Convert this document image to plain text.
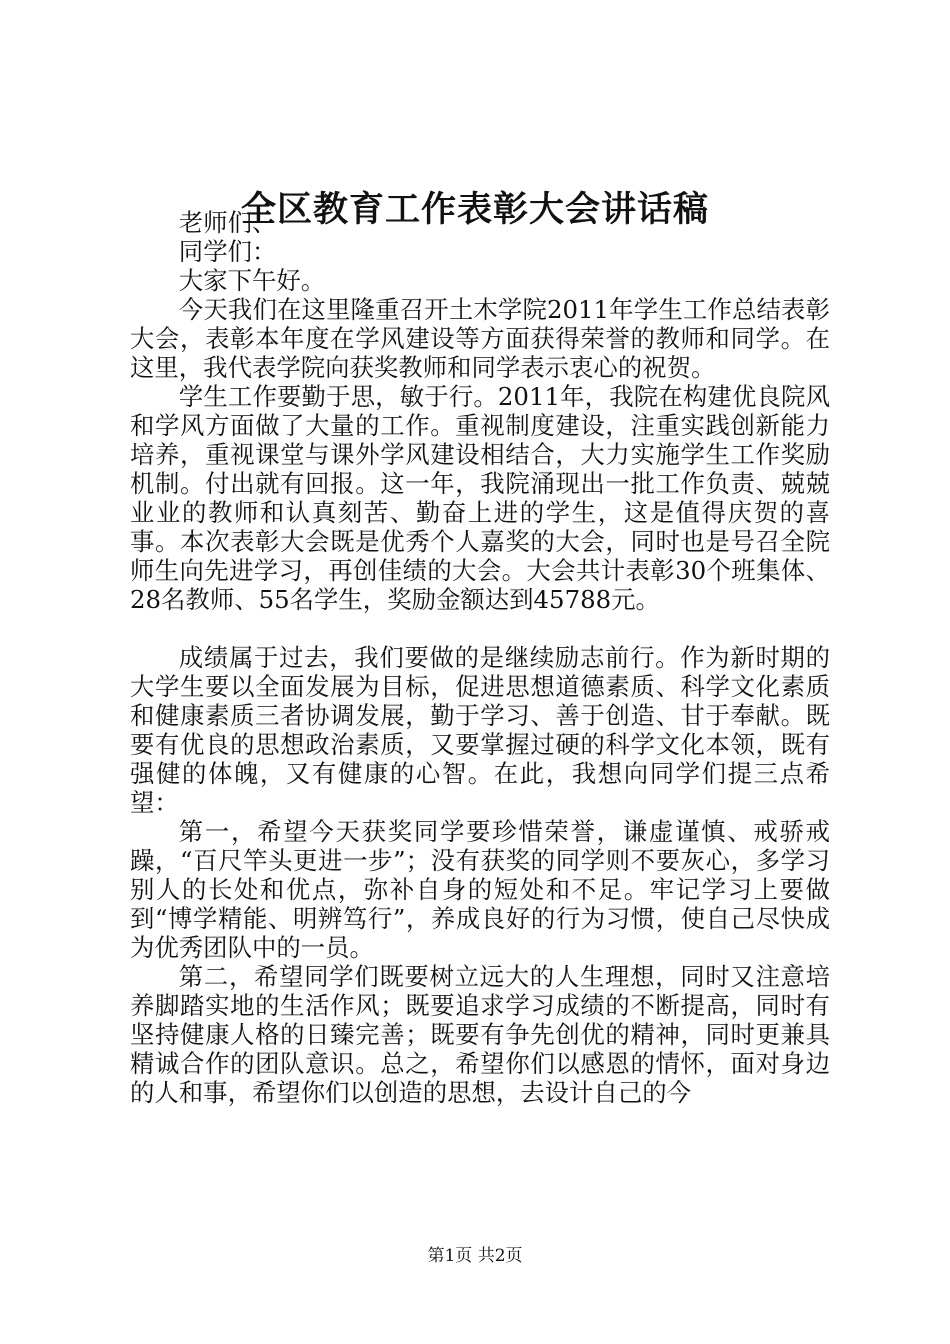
全区教育工作表彰大会讲话稿

老师们、

同学们：

大家下午好。

今天我们在这里隆重召开土木学院2011年学生工作总结表彰大会，表彰本年度在学风建设等方面获得荣誉的教师和同学。在这里，我代表学院向获奖教师和同学表示衷心的祝贺。

学生工作要勤于思，敏于行。2011年，我院在构建优良院风和学风方面做了大量的工作。重视制度建设，注重实践创新能力培养，重视课堂与课外学风建设相结合，大力实施学生工作奖励机制。付出就有回报。这一年，我院涌现出一批工作负责、兢兢业业的教师和认真刻苦、勤奋上进的学生，这是值得庆贺的喜事。本次表彰大会既是优秀个人嘉奖的大会，同时也是号召全院师生向先进学习，再创佳绩的大会。大会共计表彰30个班集体、28名教师、55名学生，奖励金额达到45788元。

成绩属于过去，我们要做的是继续励志前行。作为新时期的大学生要以全面发展为目标，促进思想道德素质、科学文化素质和健康素质三者协调发展，勤于学习、善于创造、甘于奉献。既要有优良的思想政治素质，又要掌握过硬的科学文化本领，既有强健的体魄，又有健康的心智。在此，我想向同学们提三点希望：

第一，希望今天获奖同学要珍惜荣誉，谦虚谨慎、戒骄戒躁，“百尺竿头更进一步”；没有获奖的同学则不要灰心，多学习别人的长处和优点，弥补自身的短处和不足。牢记学习上要做到“博学精能、明辨笃行”，养成良好的行为习惯，使自己尽快成为优秀团队中的一员。

第二，希望同学们既要树立远大的人生理想，同时又注意培养脚踏实地的生活作风；既要追求学习成绩的不断提高，同时有坚持健康人格的日臻完善；既要有争先创优的精神，同时更兼具精诚合作的团队意识。总之，希望你们以感恩的情怀，面对身边的人和事，希望你们以创造的思想，去设计自己的今

第1页 共2页
